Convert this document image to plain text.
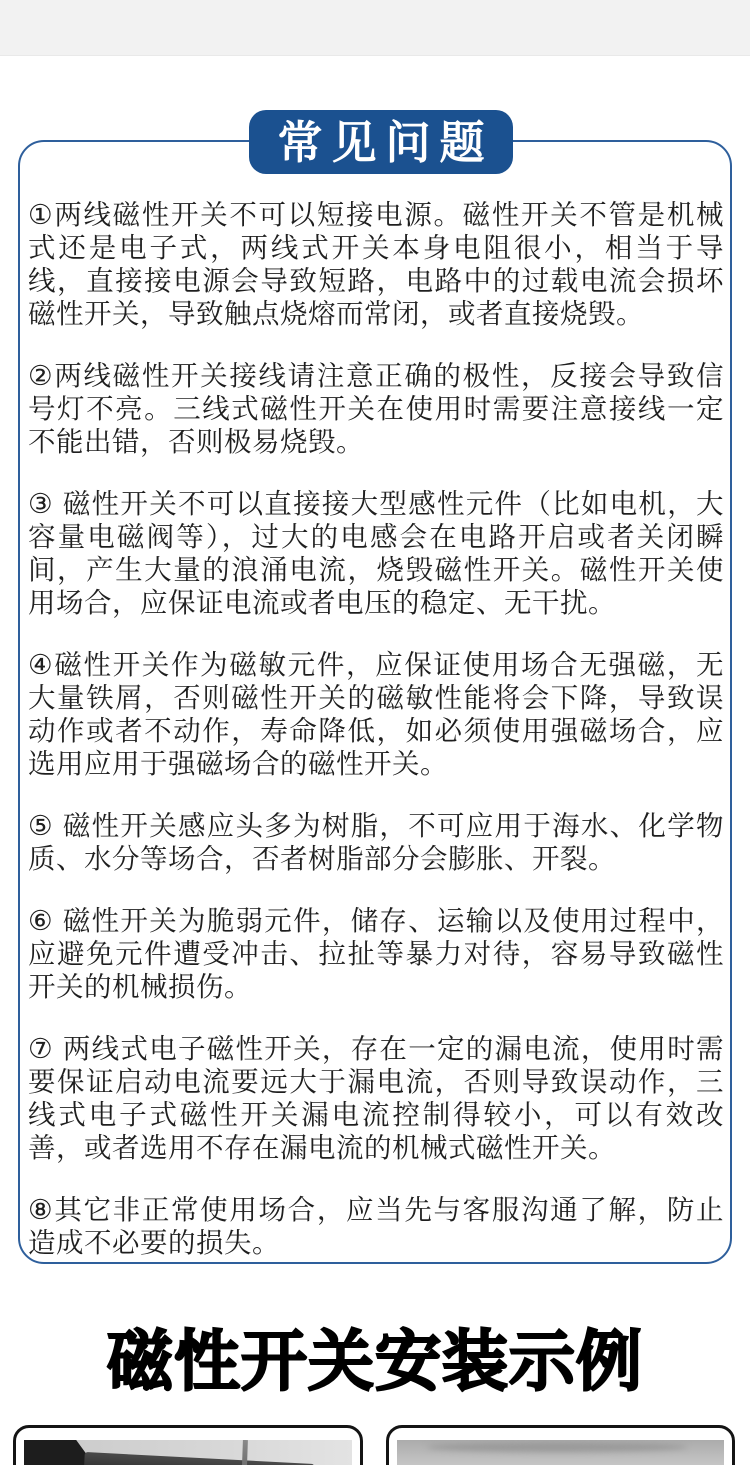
常见问题

①两线磁性开关不可以短接电源。磁性开关不管是机械式还是电子式，两线式开关本身电阻很小，相当于导线，直接接电源会导致短路，电路中的过载电流会损坏磁性开关，导致触点烧熔而常闭，或者直接烧毁。

②两线磁性开关接线请注意正确的极性，反接会导致信号灯不亮。三线式磁性开关在使用时需要注意接线一定不能出错，否则极易烧毁。

③ 磁性开关不可以直接接大型感性元件（比如电机，大容量电磁阀等），过大的电感会在电路开启或者关闭瞬间，产生大量的浪涌电流，烧毁磁性开关。磁性开关使用场合，应保证电流或者电压的稳定、无干扰。

④磁性开关作为磁敏元件，应保证使用场合无强磁，无大量铁屑，否则磁性开关的磁敏性能将会下降，导致误动作或者不动作，寿命降低，如必须使用强磁场合，应选用应用于强磁场合的磁性开关。

⑤ 磁性开关感应头多为树脂，不可应用于海水、化学物质、水分等场合，否者树脂部分会膨胀、开裂。

⑥ 磁性开关为脆弱元件，储存、运输以及使用过程中，应避免元件遭受冲击、拉扯等暴力对待，容易导致磁性开关的机械损伤。

⑦ 两线式电子磁性开关，存在一定的漏电流，使用时需要保证启动电流要远大于漏电流，否则导致误动作，三线式电子式磁性开关漏电流控制得较小，可以有效改善，或者选用不存在漏电流的机械式磁性开关。

⑧其它非正常使用场合，应当先与客服沟通了解，防止造成不必要的损失。

磁性开关安装示例
